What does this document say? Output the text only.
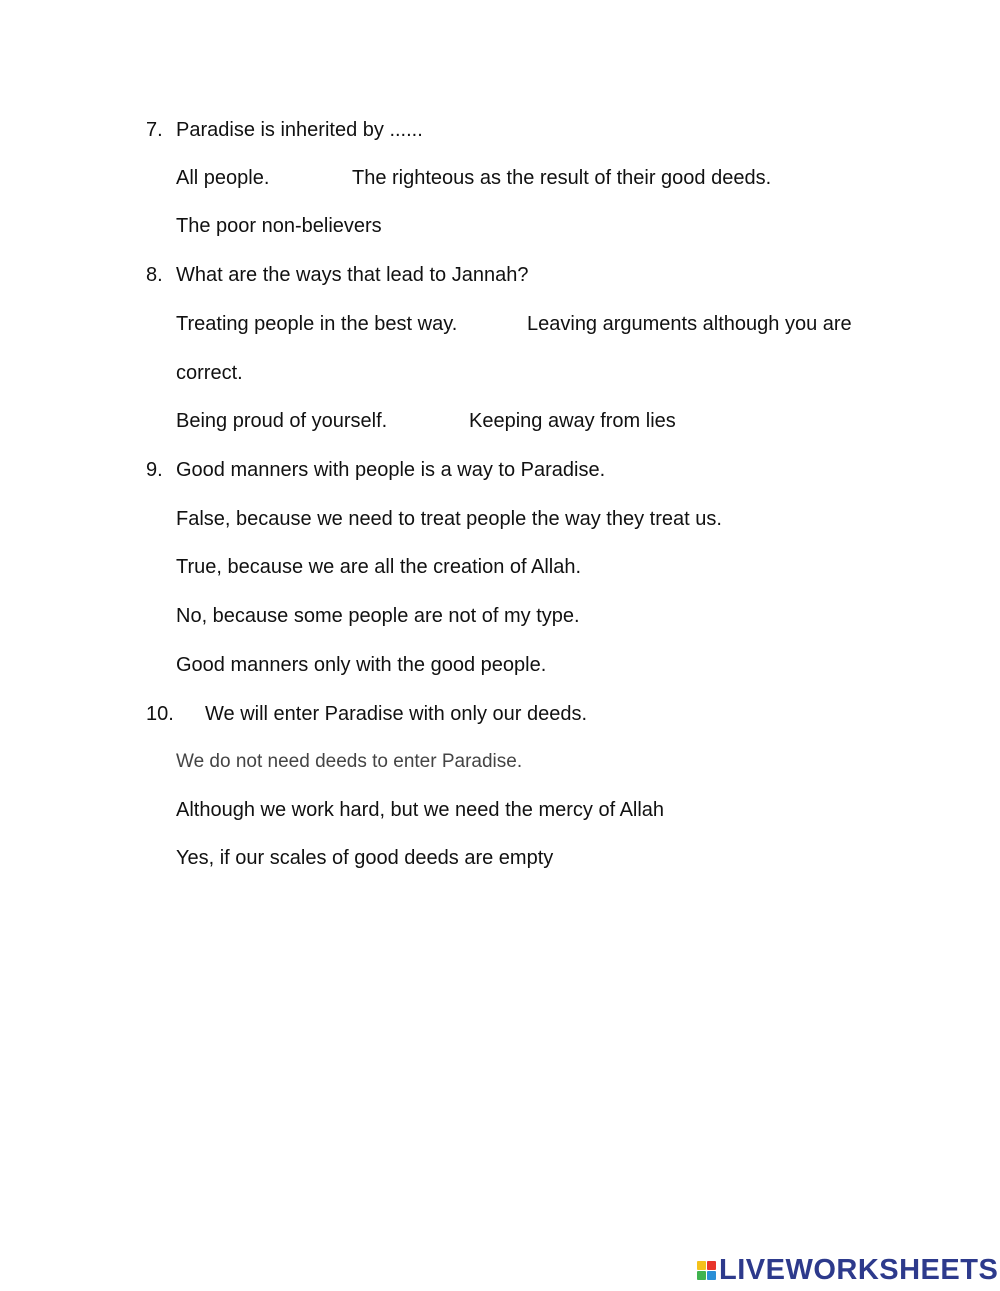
7. Paradise is inherited by ......
All people.	The righteous as the result of their good deeds.
The poor non-believers
8. What are the ways that lead to Jannah?
Treating people in the best way.	Leaving arguments although you are
correct.
Being proud of yourself.	Keeping away from lies
9. Good manners with people is a way to Paradise.
False, because we need to treat people the way they treat us.
True, because we are all the creation of Allah.
No, because some people are not of my type.
Good manners only with the good people.
10. We will enter Paradise with only our deeds.
We do not need deeds to enter Paradise.
Although we work hard, but we need the mercy of Allah
Yes, if our scales of good deeds are empty
LIVEWORKSHEETS
